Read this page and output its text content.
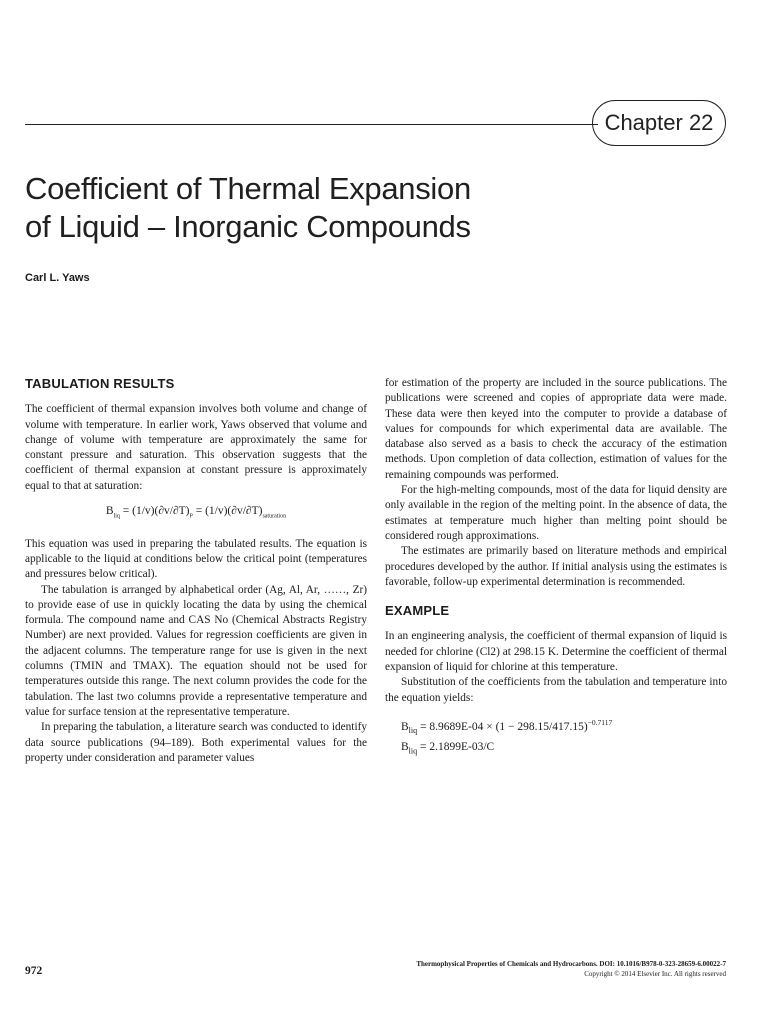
Chapter 22
Coefficient of Thermal Expansion
of Liquid – Inorganic Compounds
Carl L. Yaws
TABULATION RESULTS

The coefficient of thermal expansion involves both volume and change of volume with temperature. In earlier work, Yaws observed that volume and change of volume with temperature are approximately the same for constant pressure and saturation. This observation suggests that the coefficient of thermal expansion at constant pressure is approximately equal to that at saturation:

$B_{liq} = (1/v)(\partial v/\partial T)_P = (1/v)(\partial v/\partial T)_{saturation}$

This equation was used in preparing the tabulated results. The equation is applicable to the liquid at conditions below the critical point (temperatures and pressures below critical).

The tabulation is arranged by alphabetical order (Ag, Al, Ar, ……, Zr) to provide ease of use in quickly locating the data by using the chemical formula. The compound name and CAS No (Chemical Abstracts Registry Number) are next provided. Values for regression coefficients are given in the adjacent columns. The temperature range for use is given in the next columns (TMIN and TMAX). The equation should not be used for temperatures outside this range. The next column provides the code for the tabulation. The last two columns provide a representative temperature and value for surface tension at the representative temperature.

In preparing the tabulation, a literature search was conducted to identify data source publications (94–189). Both experimental values for the property under consideration and parameter values

for estimation of the property are included in the source publications. The publications were screened and copies of appropriate data were made. These data were then keyed into the computer to provide a database of values for compounds for which experimental data are available. The database also served as a basis to check the accuracy of the estimation methods. Upon completion of data collection, estimation of values for the remaining compounds was performed.

For the high-melting compounds, most of the data for liquid density are only available in the region of the melting point. In the absence of data, the estimates at temperature much higher than melting point should be considered rough approximations.

The estimates are primarily based on literature methods and empirical procedures developed by the author. If initial analysis using the estimates is favorable, follow-up experimental determination is recommended.

EXAMPLE

In an engineering analysis, the coefficient of thermal expansion of liquid is needed for chlorine (Cl2) at 298.15 K. Determine the coefficient of thermal expansion of liquid for chlorine at this temperature.

Substitution of the coefficients from the tabulation and temperature into the equation yields:

$B_{liq} = 8.9689E-04 \times (1 - 298.15/417.15)^{-0.7117}$
$B_{liq} = 2.1899E-03/C$
Thermophysical Properties of Chemicals and Hydrocarbons. DOI: 10.1016/B978-0-323-28659-6.00022-7
Copyright © 2014 Elsevier Inc. All rights reserved
972
